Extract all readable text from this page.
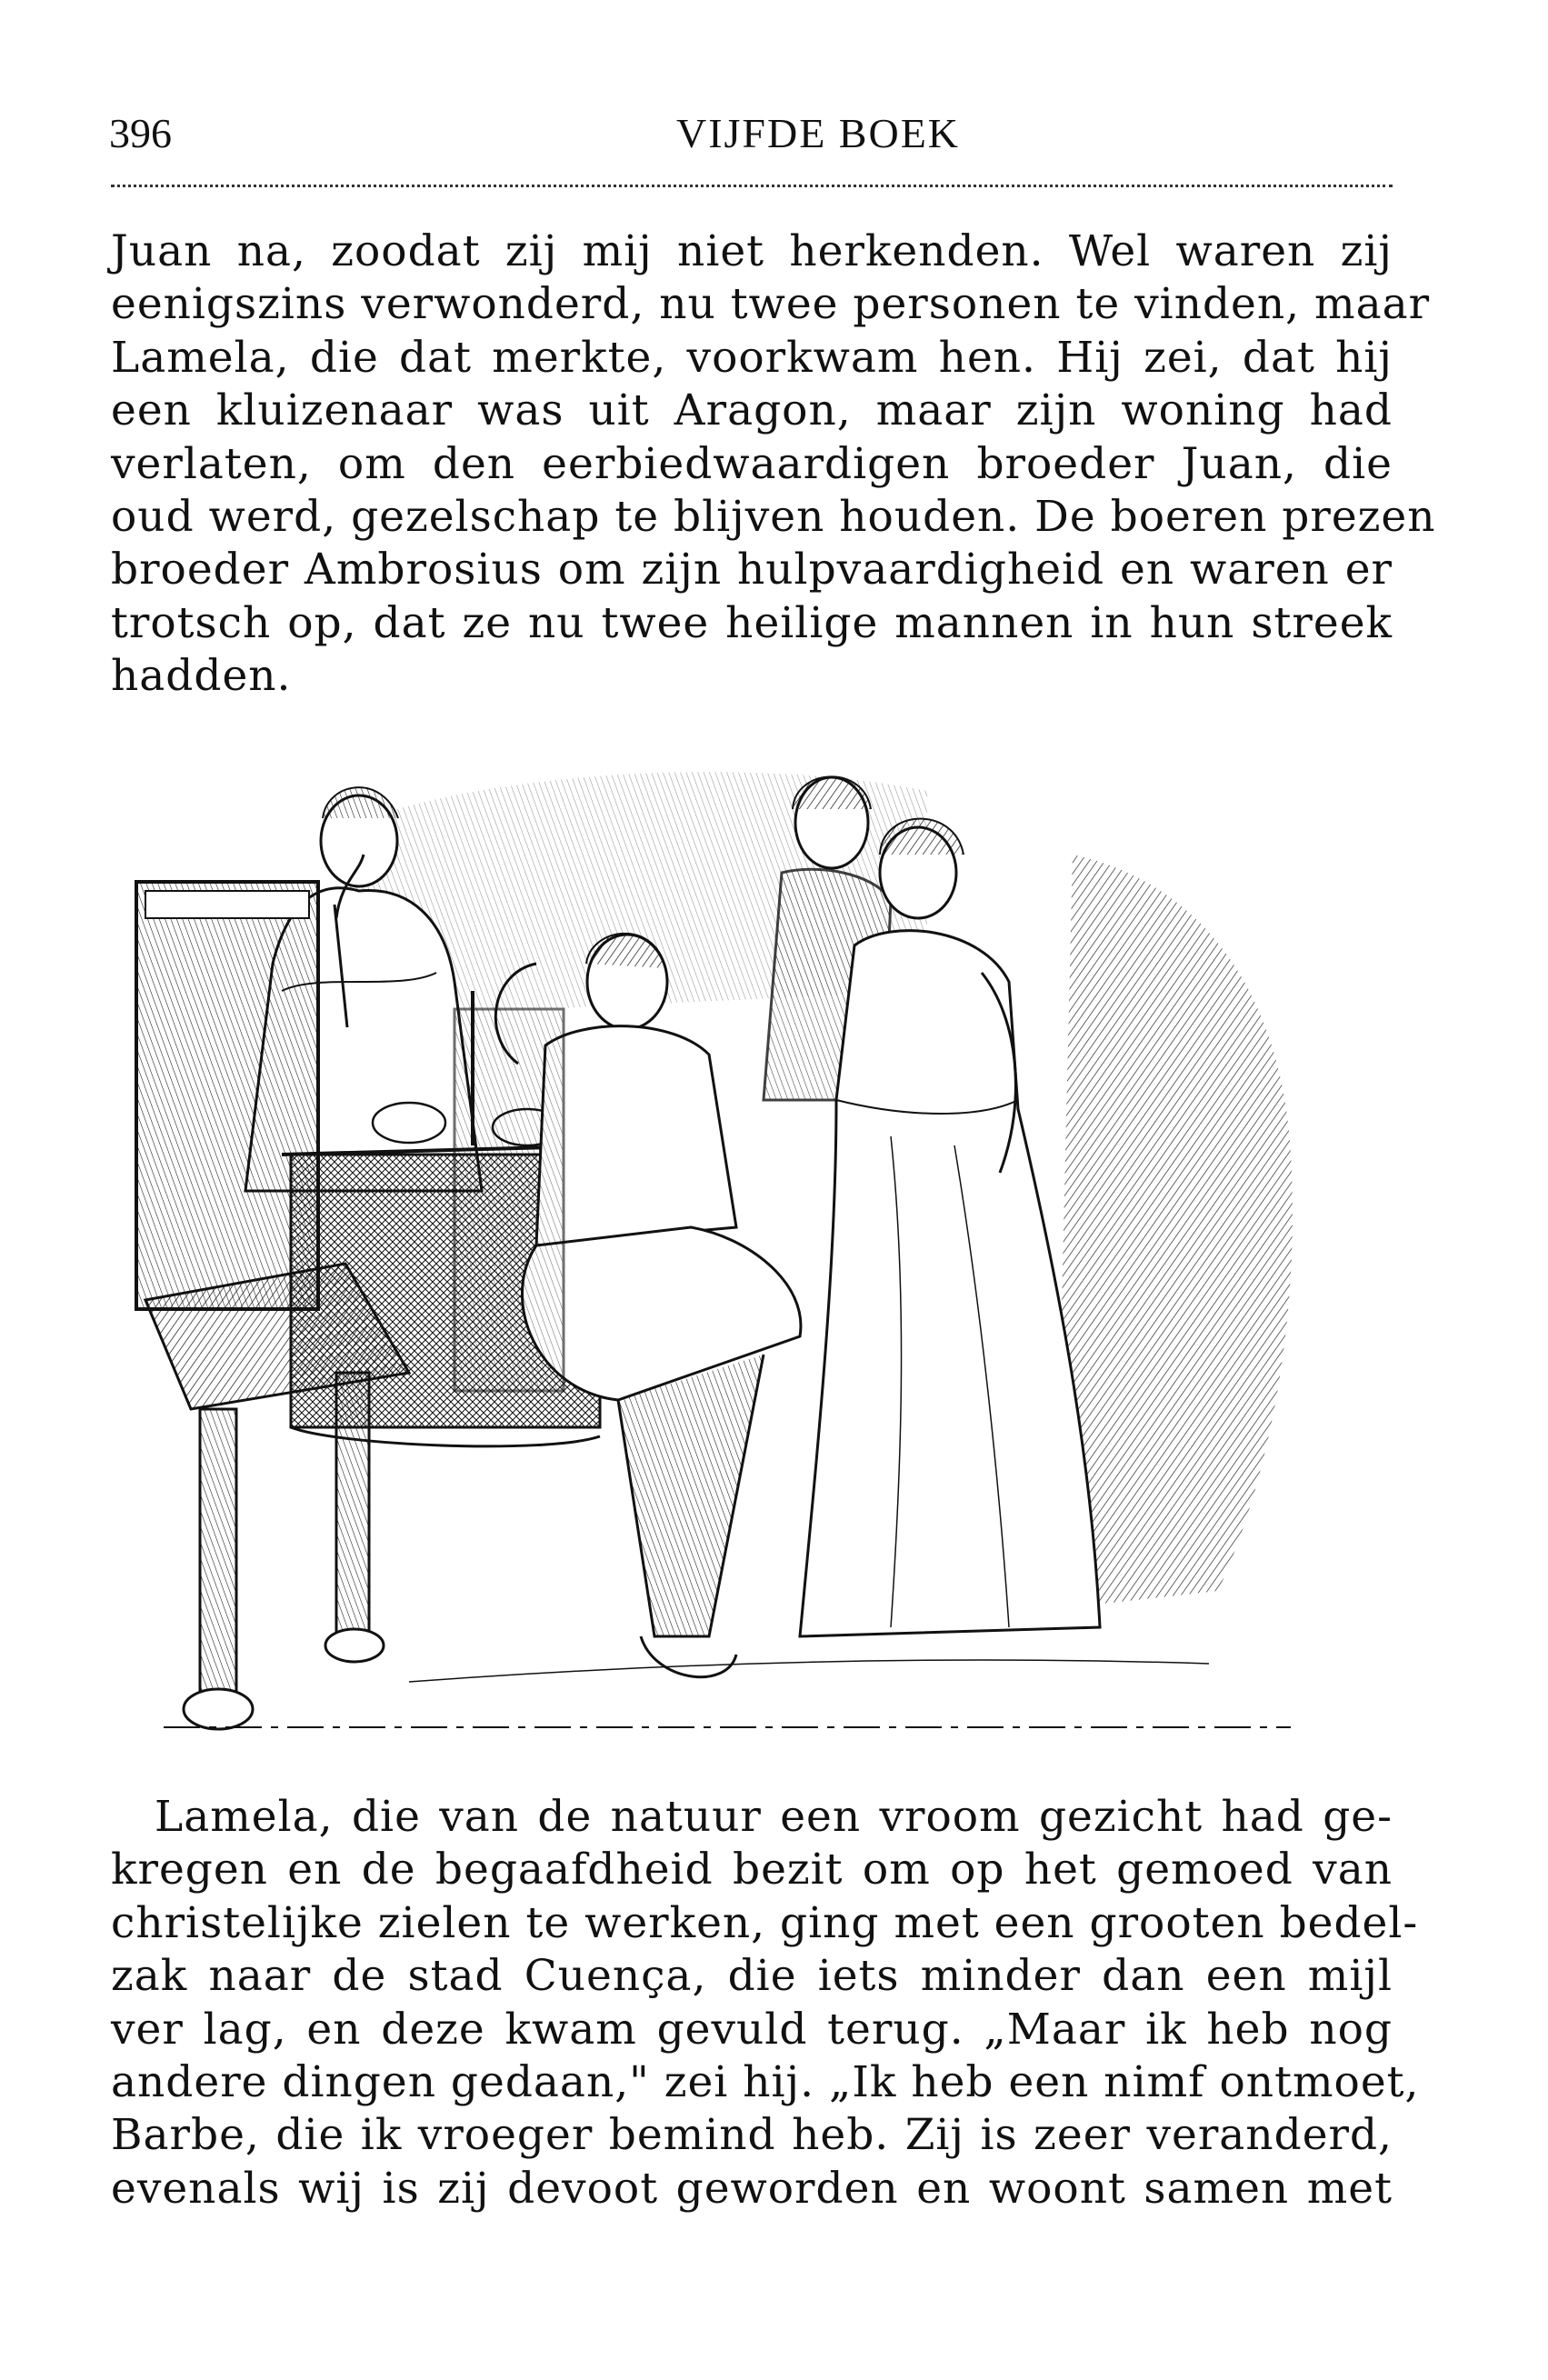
396	VIJFDE BOEK
Juan na, zoodat zij mij niet herkenden. Wel waren zij
eenigszins verwonderd, nu twee personen te vinden, maar
Lamela, die dat merkte, voorkwam hen. Hij zei, dat hij
een kluizenaar was uit Aragon, maar zijn woning had
verlaten, om den eerbiedwaardigen broeder Juan, die
oud werd, gezelschap te blijven houden. De boeren prezen
broeder Ambrosius om zijn hulpvaardigheid en waren er
trotsch op, dat ze nu twee heilige mannen in hun streek
hadden.
Lamela, die van de natuur een vroom gezicht had ge-
kregen en de begaafdheid bezit om op het gemoed van
christelijke zielen te werken, ging met een grooten bedel-
zak naar de stad Cuença, die iets minder dan een mijl
ver lag, en deze kwam gevuld terug. „Maar ik heb nog
andere dingen gedaan," zei hij. „Ik heb een nimf ontmoet,
Barbe, die ik vroeger bemind heb. Zij is zeer veranderd,
evenals wij is zij devoot geworden en woont samen met
